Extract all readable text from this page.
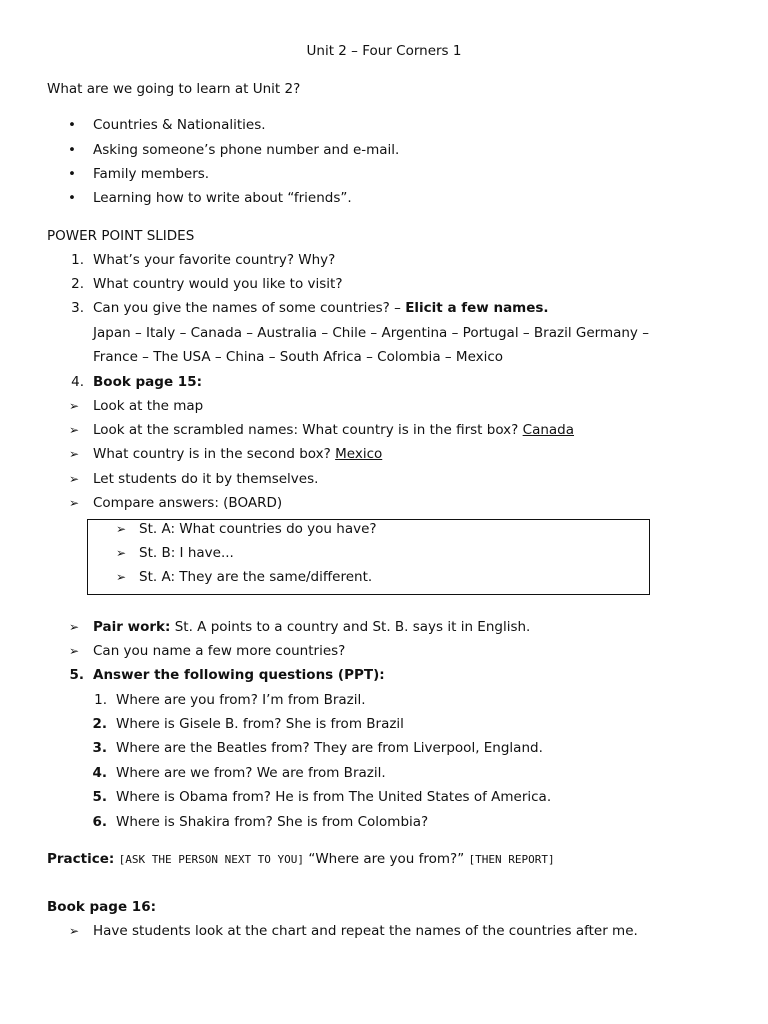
Unit 2 – Four Corners 1
What are we going to learn at Unit 2?
• Countries & Nationalities.
• Asking someone’s phone number and e-mail.
• Family members.
• Learning how to write about “friends”.
POWER POINT SLIDES
1. What’s your favorite country? Why?
2. What country would you like to visit?
3. Can you give the names of some countries? – Elicit a few names.
Japan – Italy – Canada – Australia – Chile – Argentina – Portugal – Brazil Germany –
France – The USA – China – South Africa – Colombia – Mexico
4. Book page 15:
➢ Look at the map
➢ Look at the scrambled names: What country is in the first box? Canada
➢ What country is in the second box? Mexico
➢ Let students do it by themselves.
➢ Compare answers: (BOARD)
➢ St. A: What countries do you have?
➢ St. B: I have...
➢ St. A: They are the same/different.
➢ Pair work: St. A points to a country and St. B. says it in English.
➢ Can you name a few more countries?
5. Answer the following questions (PPT):
1. Where are you from? I’m from Brazil.
2. Where is Gisele B. from? She is from Brazil
3. Where are the Beatles from? They are from Liverpool, England.
4. Where are we from? We are from Brazil.
5. Where is Obama from? He is from The United States of America.
6. Where is Shakira from? She is from Colombia?
Practice: [ASK THE PERSON NEXT TO YOU] “Where are you from?” [THEN REPORT]
Book page 16:
➢ Have students look at the chart and repeat the names of the countries after me.
